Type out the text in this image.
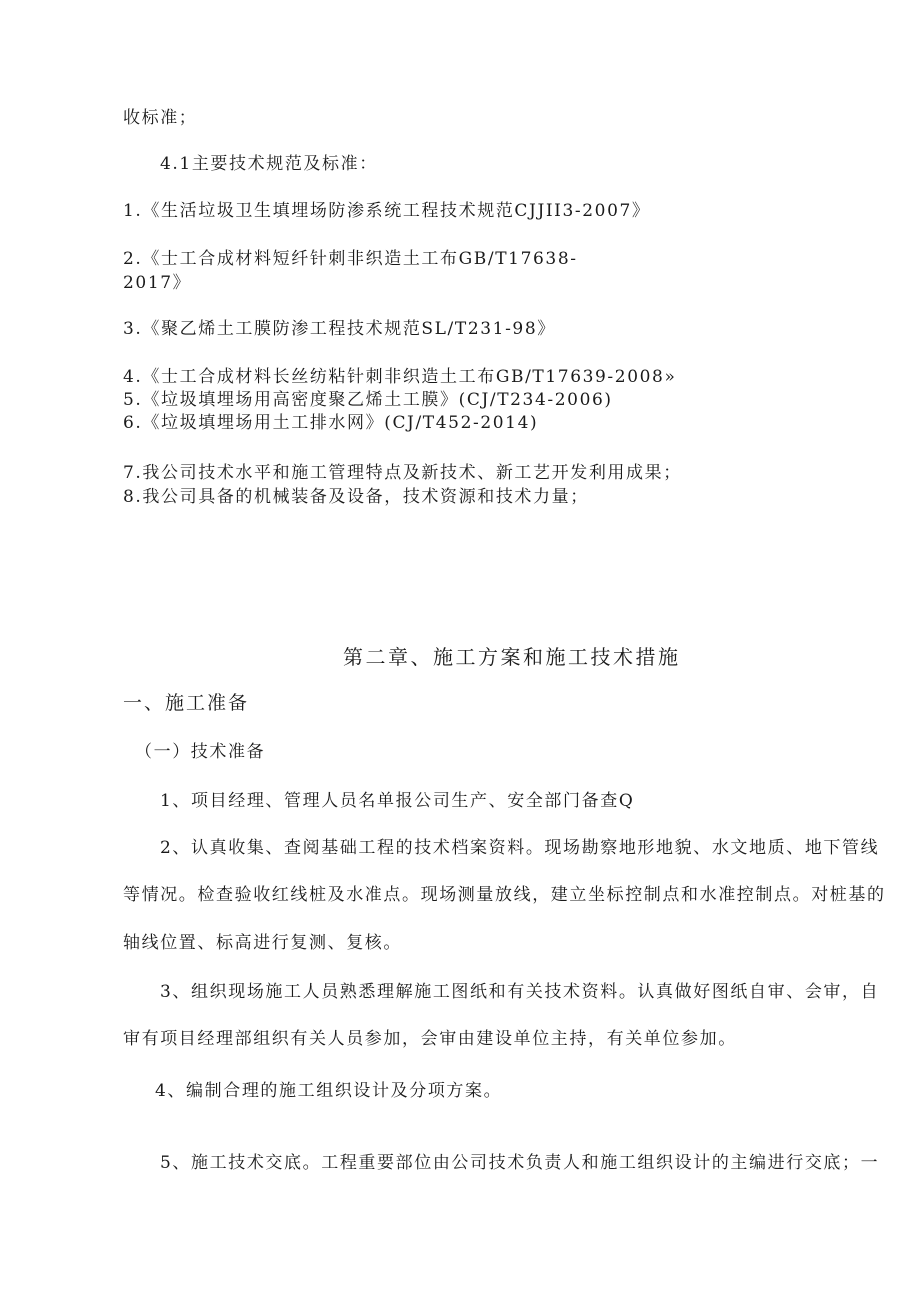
收标准；
4.1主要技术规范及标准：
1.《生活垃圾卫生填埋场防渗系统工程技术规范CJJII3-2007》
2.《士工合成材料短纤针刺非织造土工布GB/T17638-
2017》
3.《聚乙烯土工膜防渗工程技术规范SL/T231-98》
4.《士工合成材料长丝纺粘针刺非织造土工布GB/T17639-2008»
5.《垃圾填埋场用高密度聚乙烯土工膜》(CJ/T234-2006)
6.《垃圾填埋场用土工排水网》(CJ/T452-2014)
7.我公司技术水平和施工管理特点及新技术、新工艺开发利用成果；
8.我公司具备的机械装备及设备，技术资源和技术力量；
第二章、施工方案和施工技术措施
一、施工准备
（一）技术准备
1、项目经理、管理人员名单报公司生产、安全部门备查Q
2、认真收集、查阅基础工程的技术档案资料。现场勘察地形地貌、水文地质、地下管线
等情况。检查验收红线桩及水准点。现场测量放线，建立坐标控制点和水准控制点。对桩基的
轴线位置、标高进行复测、复核。
3、组织现场施工人员熟悉理解施工图纸和有关技术资料。认真做好图纸自审、会审，自
审有项目经理部组织有关人员参加，会审由建设单位主持，有关单位参加。
4、编制合理的施工组织设计及分项方案。
5、施工技术交底。工程重要部位由公司技术负责人和施工组织设计的主编进行交底；一
